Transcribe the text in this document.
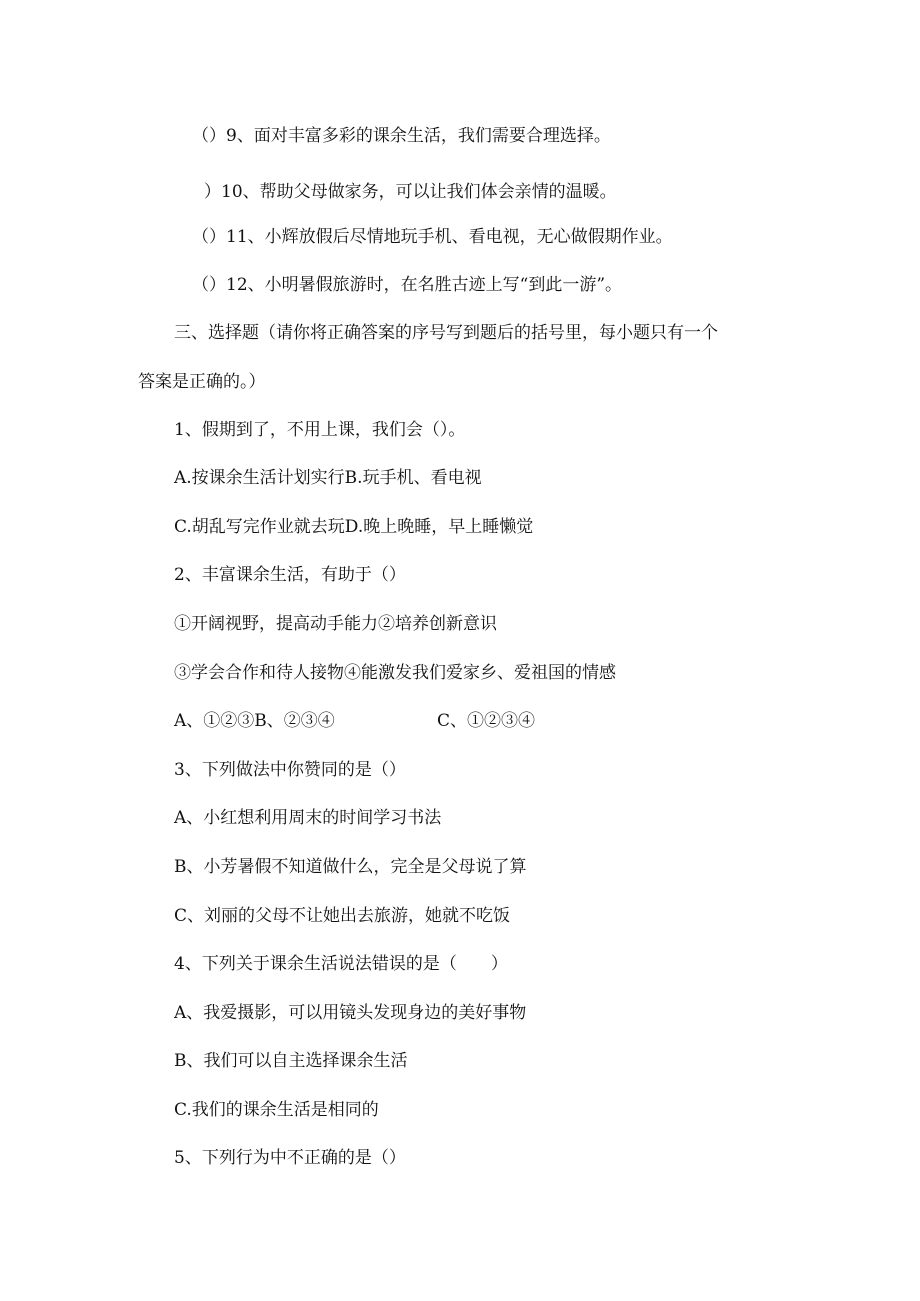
（）9、面对丰富多彩的课余生活，我们需要合理选择。
）10、帮助父母做家务，可以让我们体会亲情的温暖。
（）11、小辉放假后尽情地玩手机、看电视，无心做假期作业。
（）12、小明暑假旅游时，在名胜古迹上写“到此一游”。
三、选择题（请你将正确答案的序号写到题后的括号里，每小题只有一个
答案是正确的。）
1、假期到了，不用上课，我们会（）。
A.按课余生活计划实行B.玩手机、看电视
C.胡乱写完作业就去玩D.晚上晚睡，早上睡懒觉
2、丰富课余生活，有助于（）
①开阔视野，提高动手能力②培养创新意识
③学会合作和待人接物④能激发我们爱家乡、爱祖国的情感
A、①②③B、②③④	C、①②③④
3、下列做法中你赞同的是（）
A、小红想利用周末的时间学习书法
B、小芳暑假不知道做什么，完全是父母说了算
C、刘丽的父母不让她出去旅游，她就不吃饭
4、下列关于课余生活说法错误的是（　　）
A、我爱摄影，可以用镜头发现身边的美好事物
B、我们可以自主选择课余生活
C.我们的课余生活是相同的
5、下列行为中不正确的是（）
